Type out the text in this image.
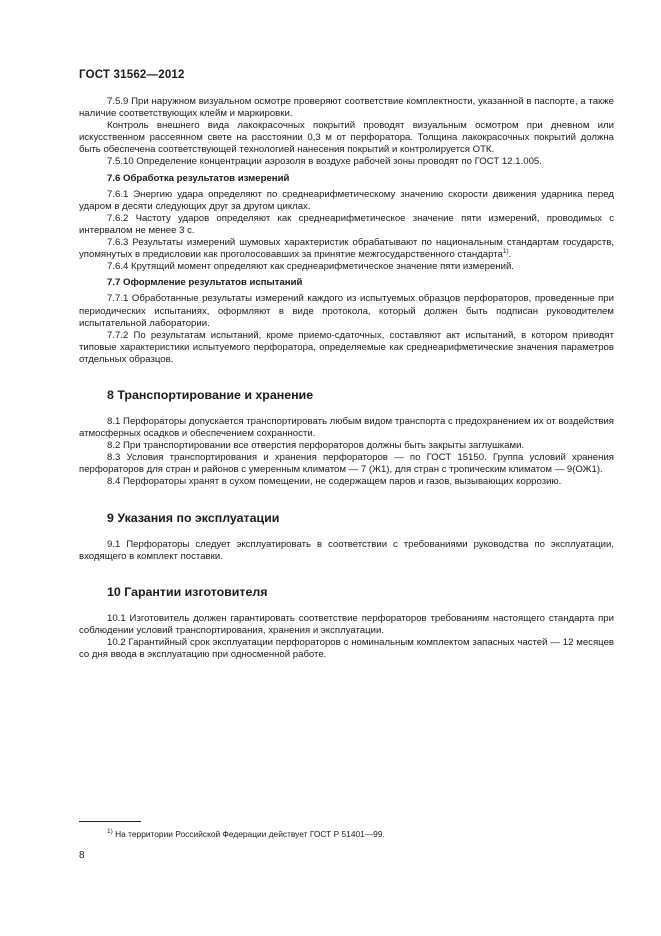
ГОСТ 31562—2012

7.5.9 При наружном визуальном осмотре проверяют соответствие комплектности, указанной в паспорте, а также наличие соответствующих клейм и маркировки.

Контроль внешнего вида лакокрасочных покрытий проводят визуальным осмотром при дневном или искусственном рассеянном свете на расстоянии 0,3 м от перфоратора. Толщина лакокрасочных покрытий должна быть обеспечена соответствующей технологией нанесения покрытий и контролируется ОТК.

7.5.10 Определение концентрации аэрозоля в воздухе рабочей зоны проводят по ГОСТ 12.1.005.

7.6 Обработка результатов измерений

7.6.1 Энергию удара определяют по среднеарифметическому значению скорости движения ударника перед ударом в десяти следующих друг за другом циклах.

7.6.2 Частоту ударов определяют как среднеарифметическое значение пяти измерений, проводимых с интервалом не менее 3 с.

7.6.3 Результаты измерений шумовых характеристик обрабатывают по национальным стандартам государств, упомянутых в предисловии как проголосовавших за принятие межгосударственного стандарта$^{1)}$.

7.6.4 Крутящий момент определяют как среднеарифметическое значение пяти измерений.

7.7 Оформление результатов испытаний

7.7.1 Обработанные результаты измерений каждого из испытуемых образцов перфораторов, проведенные при периодических испытаниях, оформляют в виде протокола, который должен быть подписан руководителем испытательной лаборатории.

7.7.2 По результатам испытаний, кроме приемо-сдаточных, составляют акт испытаний, в котором приводят типовые характеристики испытуемого перфоратора, определяемые как среднеарифметические значения параметров отдельных образцов.

8 Транспортирование и хранение

8.1 Перфораторы допускается транспортировать любым видом транспорта с предохранением их от воздействия атмосферных осадков и обеспечением сохранности.

8.2 При транспортировании все отверстия перфораторов должны быть закрыты заглушками.

8.3 Условия транспортирования и хранения перфораторов — по ГОСТ 15150. Группа условий хранения перфораторов для стран и районов с умеренным климатом — 7 (Ж1), для стран с тропическим климатом — 9(ОЖ1).

8.4 Перфораторы хранят в сухом помещении, не содержащем паров и газов, вызывающих коррозию.

9 Указания по эксплуатации

9.1 Перфораторы следует эксплуатировать в соответствии с требованиями руководства по эксплуатации, входящего в комплект поставки.

10 Гарантии изготовителя

10.1 Изготовитель должен гарантировать соответствие перфораторов требованиям настоящего стандарта при соблюдении условий транспортирования, хранения и эксплуатации.

10.2 Гарантийный срок эксплуатации перфораторов с номинальным комплектом запасных частей — 12 месяцев со дня ввода в эксплуатацию при односменной работе.

$^{1)}$ На территории Российской Федерации действует ГОСТ Р 51401—99.
8
